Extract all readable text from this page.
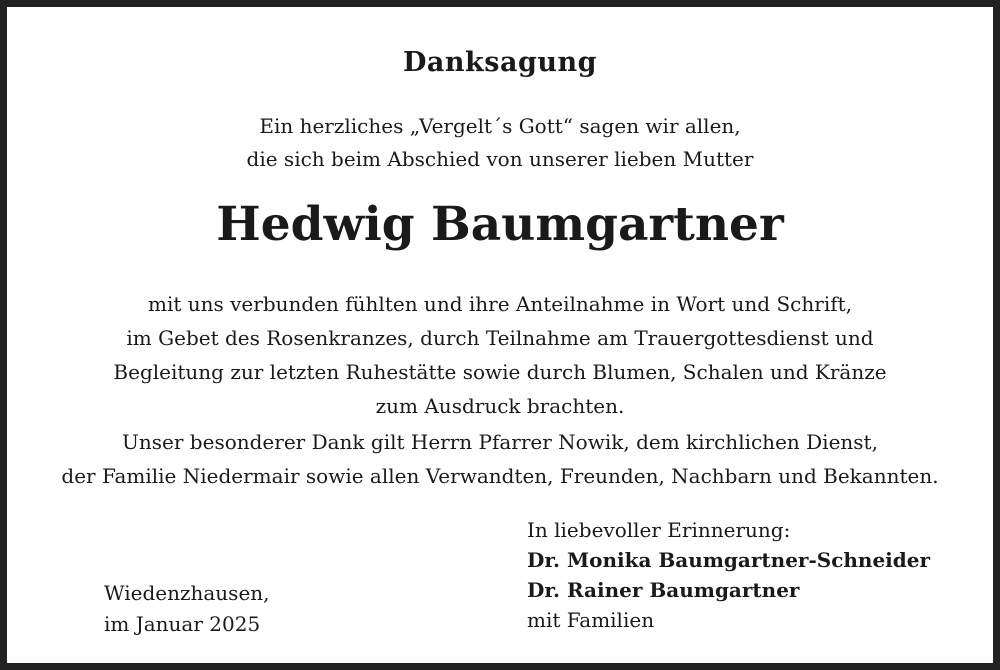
Danksagung
Ein herzliches „Vergelt´s Gott“ sagen wir allen,
die sich beim Abschied von unserer lieben Mutter
Hedwig Baumgartner
mit uns verbunden fühlten und ihre Anteilnahme in Wort und Schrift,
im Gebet des Rosenkranzes, durch Teilnahme am Trauergottesdienst und
Begleitung zur letzten Ruhestätte sowie durch Blumen, Schalen und Kränze
zum Ausdruck brachten.
Unser besonderer Dank gilt Herrn Pfarrer Nowik, dem kirchlichen Dienst,
der Familie Niedermair sowie allen Verwandten, Freunden, Nachbarn und Bekannten.
Wiedenzhausen,
im Januar 2025
In liebevoller Erinnerung:
Dr. Monika Baumgartner-Schneider
Dr. Rainer Baumgartner
mit Familien
